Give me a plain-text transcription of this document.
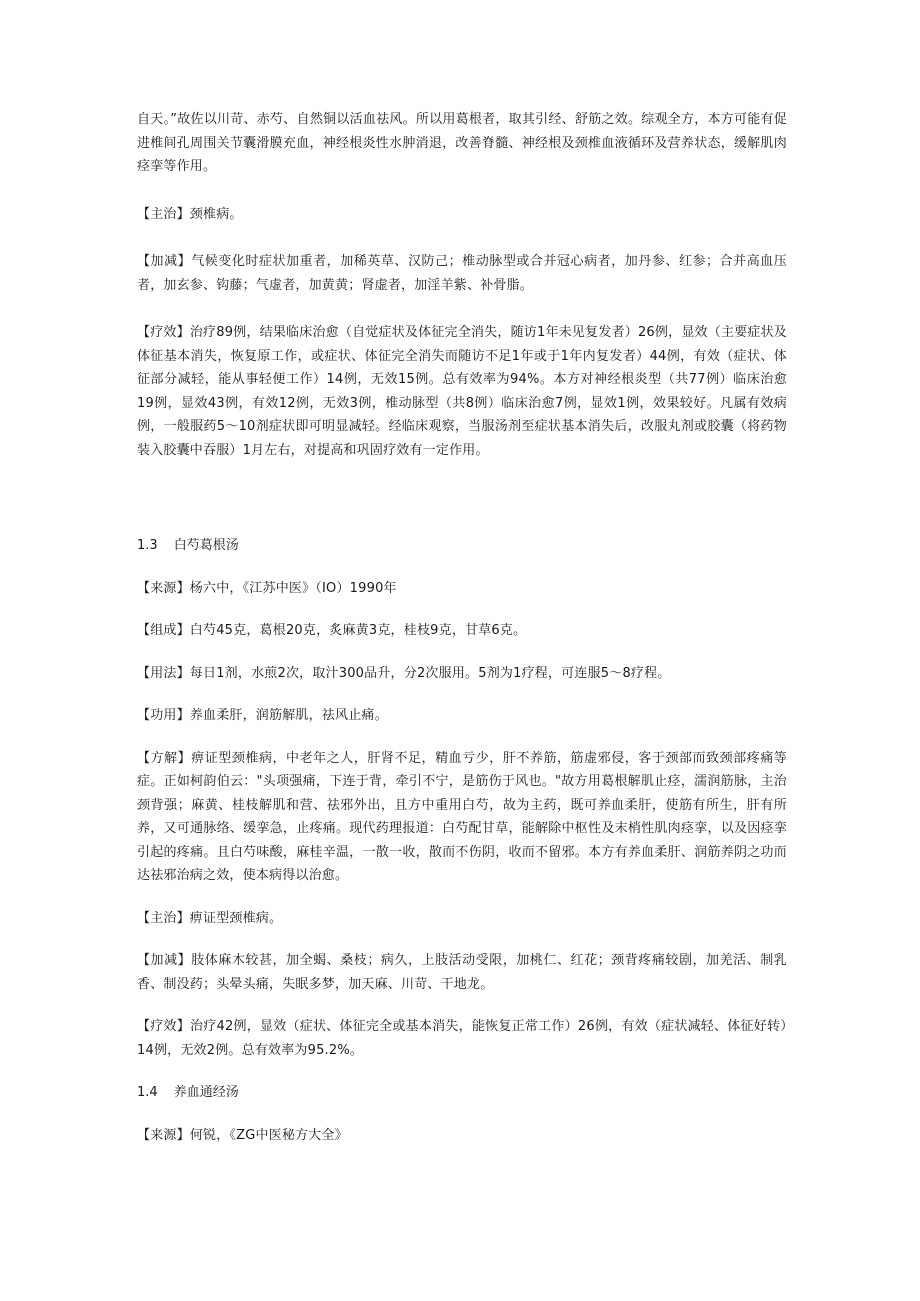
自天。”故佐以川苛、赤芍、自然铜以活血祛风。所以用葛根者，取其引经、舒筋之效。综观全方，本方可能有促进椎间孔周围关节囊滑膜充血，神经根炎性水肿消退，改善脊髓、神经根及颈椎血液循环及营养状态，缓解肌肉痉挛等作用。

【主治】颈椎病。

【加减】气候变化时症状加重者，加稀英草、汉防己；椎动脉型或合并冠心病者，加丹参、红参；合并高血压者，加玄参、钩藤；气虚者，加黄黄；肾虚者，加淫羊紫、补骨脂。

【疗效】治疗89例，结果临床治愈（自觉症状及体征完全消失，随访1年未见复发者）26例，显效（主要症状及体征基本消失，恢复原工作，或症状、体征完全消失而随访不足1年或于1年内复发者）44例，有效（症状、体征部分减轻，能从事轻便工作）14例，无效15例。总有效率为94%。本方对神经根炎型（共77例）临床治愈19例，显效43例，有效12例，无效3例，椎动脉型（共8例）临床治愈7例，显效1例，效果较好。凡属有效病例，一般服药5～10剂症状即可明显减轻。经临床观察，当服汤剂至症状基本消失后，改服丸剂或胶囊（将药物装入胶囊中吞服）1月左右，对提高和巩固疗效有一定作用。

1.3 白芍葛根汤

【来源】杨六中，《江苏中医》（IO）1990年

【组成】白芍45克，葛根20克，炙麻黄3克，桂枝9克，甘草6克。

【用法】每日1剂，水煎2次，取汁300品升，分2次服用。5剂为1疗程，可连服5～8疗程。

【功用】养血柔肝，润筋解肌，祛风止痛。

【方解】痹证型颈椎病，中老年之人，肝肾不足，精血亏少，肝不养筋，筋虚邪侵，客于颈部而致颈部疼痛等症。正如柯韵伯云："头项强痛，下连于背，牵引不宁，是筋伤于风也。"故方用葛根解肌止痉，濡润筋脉，主治颈背强；麻黄、桂枝解肌和营、祛邪外出，且方中重用白芍，故为主药，既可养血柔肝，使筋有所生，肝有所养，又可通脉络、缓挛急，止疼痛。现代药理报道：白芍配甘草，能解除中枢性及末梢性肌肉痉挛，以及因痉挛引起的疼痛。且白芍味酸，麻桂辛温，一散一收，散而不伤阴，收而不留邪。本方有养血柔肝、润筋养阴之功而达祛邪治病之效，使本病得以治愈。

【主治】痹证型颈椎病。

【加减】肢体麻木较甚，加全蝎、桑枝；病久，上肢活动受限，加桃仁、红花；颈背疼痛较剧，加羌活、制乳香、制没药；头晕头痛，失眠多梦，加天麻、川苛、干地龙。

【疗效】治疗42例，显效（症状、体征完全或基本消失，能恢复正常工作）26例，有效（症状减轻、体征好转）14例，无效2例。总有效率为95.2%。

1.4 养血通经汤

【来源】何锐，《ZG中医秘方大全》
